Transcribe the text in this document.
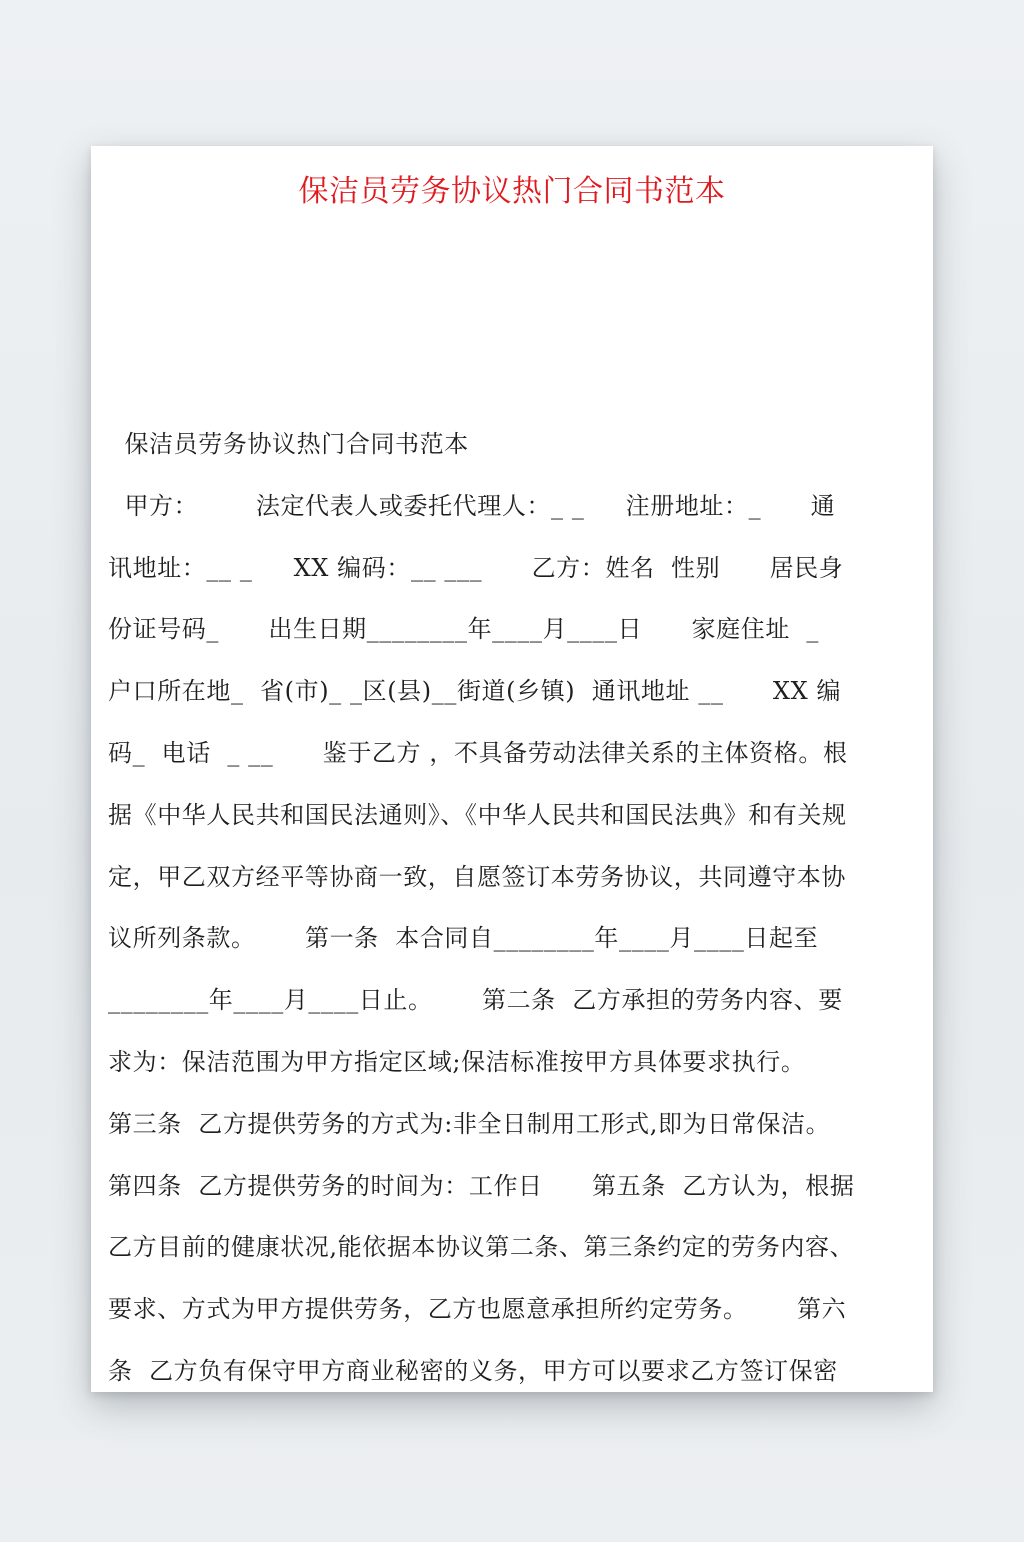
保洁员劳务协议热门合同书范本
保洁员劳务协议热门合同书范本
甲方：       法定代表人或委托代理人：_ _     注册地址：_      通
讯地址：__ _     XX 编码：__ ___      乙方：姓名  性别      居民身
份证号码_      出生日期________年____月____日      家庭住址  _
户口所在地_  省(市)_ _区(县)__街道(乡镇)  通讯地址 __      XX 编
码_  电话  _ __      鉴于乙方 ，不具备劳动法律关系的主体资格。根
据《中华人民共和国民法通则》、《中华人民共和国民法典》和有关规
定，甲乙双方经平等协商一致，自愿签订本劳务协议，共同遵守本协
议所列条款。      第一条  本合同自________年____月____日起至
________年____月____日止。      第二条  乙方承担的劳务内容、要
求为：保洁范围为甲方指定区域;保洁标准按甲方具体要求执行。
第三条  乙方提供劳务的方式为:非全日制用工形式,即为日常保洁。
第四条  乙方提供劳务的时间为：工作日      第五条  乙方认为，根据
乙方目前的健康状况,能依据本协议第二条、第三条约定的劳务内容、
要求、方式为甲方提供劳务，乙方也愿意承担所约定劳务。      第六
条  乙方负有保守甲方商业秘密的义务，甲方可以要求乙方签订保密
